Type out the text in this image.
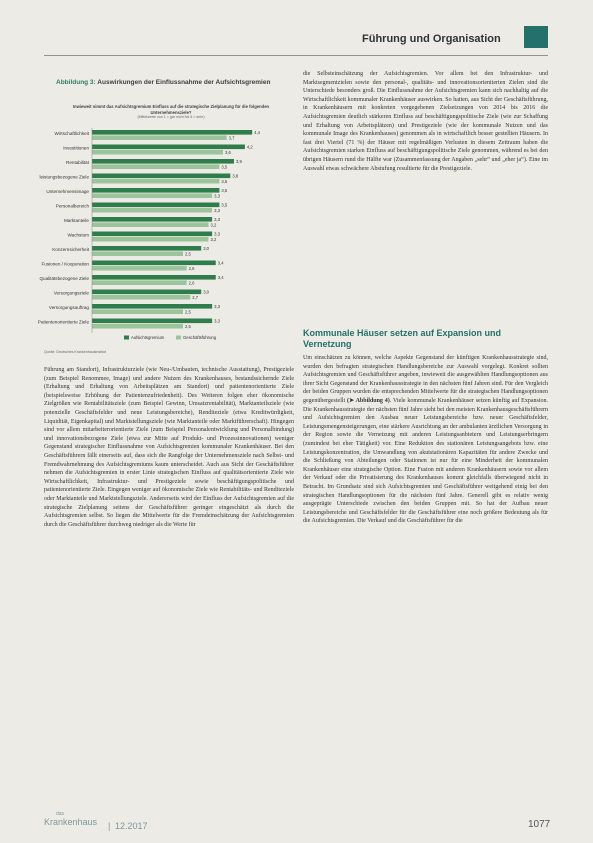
Führung und Organisation
Abbildung 3: Auswirkungen der Einflussnahme der Aufsichtsgremien
Inwieweit nimmt das Aufsichtsgremium Einfluss auf die strategische Zielplanung für die folgenden Unternehmensziele?
(Mittelwerte von 1 = gar nicht bis 5 = sehr)
Wirtschaftlichkeit	4,4
3,7
Investitionen	4,2
3,6
Rentabilität	3,9
3,5
leistungsbezogene Ziele	3,8
3,5
Unternehmensimage	3,5
3,3
Personalbereich	3,5
3,3
Marktanteile	3,3
3,2
Wachstum	3,3
3,2
Konzernsicherheit	3,0
2,5
Fusionen / Kooperation	3,4
2,6
Qualitätsbezogene Ziele	3,4
2,6
Versorgungsziele	3,0
2,7
Versorgungsauftrag	3,3
2,5
Patientenorientierte Ziele	3,3
2,5
Aufsichtsgremium	Geschäftsführung
Quelle: Deutsches Krankenhausinstitut

Führung am Standort), Infrastrukturziele (wie Neu-/Umbauten, technische Ausstattung), Prestigeziele (zum Beispiel Renommee, Image) und andere Nutzen des Krankenhauses, bestandssichernde Ziele (Erhaltung und Erhaltung von Arbeitsplätzen am Standort) und patientenorientierte Ziele (beispielsweise Erhöhung der Patientenzufriedenheit). Des Weiteren folgen eher ökonomische Zielgrößen wie Rentabilitätsziele (zum Beispiel Gewinn, Umsatzrentabilität), Marktanteilsziele (wie potenzielle Geschäftsfelder und neue Leistungsbereiche), Renditeziele (etwa Kreditwürdigkeit, Liquidität, Eigenkapital) und Marktstellungsziele (wie Marktanteile oder Marktführerschaft). Hingegen sind vor allem mitarbeiterorientierte Ziele (zum Beispiel Personalentwicklung und Personalbindung) und innovationsbezogene Ziele (etwa zur Mitte auf Produkt- und Prozessinnovationen) weniger Gegenstand strategischer Einflussnahme von Aufsichtsgremien kommunaler Krankenhäuser. Bei den Geschäftsführern fällt einerseits auf, dass sich die Rangfolge der Unternehmensziele nach Selbst- und Fremdwahrnehmung des Aufsichtsgremiums kaum unterscheidet. Auch aus Sicht der Geschäftsführer nehmen die Aufsichtsgremien in erster Linie strategischen Einfluss auf qualitätsorientierte Ziele wie Wirtschaftlichkeit, Infrastruktur- und Prestigeziele sowie beschäftigungspolitische und patientenorientierte Ziele. Eingegen weniger auf ökonomische Ziele wie Rentabilitäts- und Renditeziele oder Marktanteile und Marktstellungsziele. Andererseits wird der Einfluss der Aufsichtsgremien auf die strategische Zielplanung seitens der Geschäftsführer geringer eingeschätzt als durch die Aufsichtsgremien selbst. So liegen die Mittelwerte für die Fremdeinschätzung der Aufsichtsgremien durch die Geschäftsführer durchweg niedriger als die Werte für

die Selbsteinschätzung der Aufsichtsgremien. Vor allem bei den Infrastruktur- und Marktsegmentzielen sowie den personal-, qualitäts- und innovationsorientierten Zielen sind die Unterschiede besonders groß. Die Einflussnahme der Aufsichtsgremien kann sich nachhaltig auf die Wirtschaftlichkeit kommunaler Krankenhäuser auswirken. So hatten, aus Sicht der Geschäftsführung, in Krankenhäusern mit konkreten vorgegebenen Zielsetzungen von 2014 bis 2016 die Aufsichtsgremien deutlich stärkeren Einfluss auf beschäftigungspolitische Ziele (wie zur Schaffung und Erhaltung von Arbeitsplätzen) und Prestigeziele (wie der kommunale Nutzen und das kommunale Image des Krankenhauses) genommen als in wirtschaftlich besser gestellten Häusern. In fast drei Viertel (71 %) der Häuser mit regelmäßigen Verlusten in diesem Zeitraum haben die Aufsichtsgremien starken Einfluss auf beschäftigungspolitische Ziele genommen, während es bei den übrigen Häusern rund die Hälfte war (Zusammenfassung der Angaben „sehr“ und „eher ja“). Eine im Auswahl etwas schwächere Abstufung resultierte für die Prestigeziele.

Kommunale Häuser setzen auf Expansion und Vernetzung

Um einschätzen zu können, welche Aspekte Gegenstand der künftigen Krankenhausstrategie sind, wurden den befragten strategischen Handlungsbereiche zur Auswahl vorgelegt. Konkret sollten Aufsichtsgremien und Geschäftsführer angeben, inwieweit die ausgewählten Handlungsoptionen aus ihrer Sicht Gegenstand der Krankenhausstrategie in den nächsten fünf Jahren sind. Für den Vergleich der beiden Gruppen wurden die entsprechenden Mittelwerte für die strategischen Handlungsoptionen gegenübergestellt (➤ Abbildung 4). Viele kommunale Krankenhäuser setzen künftig auf Expansion. Die Krankenhausstrategie der nächsten fünf Jahre sieht bei den meisten Krankenhausgeschäftsführern und Aufsichtsgremien den Ausbau neuer Leistungsbereiche bzw. neuer Geschäftsfelder, Leistungsmengensteigerungen, eine stärkere Ausrichtung an der ambulanten ärztlichen Versorgung in der Region sowie die Vernetzung mit anderen Leistungsanbietern und Leistungserbringern (zumindest bei eher Tätigkeit) vor. Eine Reduktion des stationären Leistungsangebots bzw. eine Leistungskonzentration, die Umwandlung von akutstationären Kapazitäten für andere Zwecke und die Schließung von Abteilungen oder Stationen ist nur für eine Minderheit der kommunalen Krankenhäuser eine strategische Option. Eine Fusion mit anderen Krankenhäusern sowie vor allem der Verkauf oder die Privatisierung des Krankenhauses kommt gleichfalls überwiegend nicht in Betracht. Im Grundsatz sind sich Aufsichtsgremien und Geschäftsführer weitgehend einig bei den strategischen Handlungsoptionen für die nächsten fünf Jahre. Generell gibt es relativ wenig ausgeprägte Unterschiede zwischen den beiden Gruppen mit. So hat der Aufbau neuer Leistungsbereiche und Geschäftsfelder für die Geschäftsführer eine noch größere Bedeutung als für die Aufsichtsgremien. Die Verkauf und die Geschäftsführer für die

das
Krankenhaus | 12.2017	1077
